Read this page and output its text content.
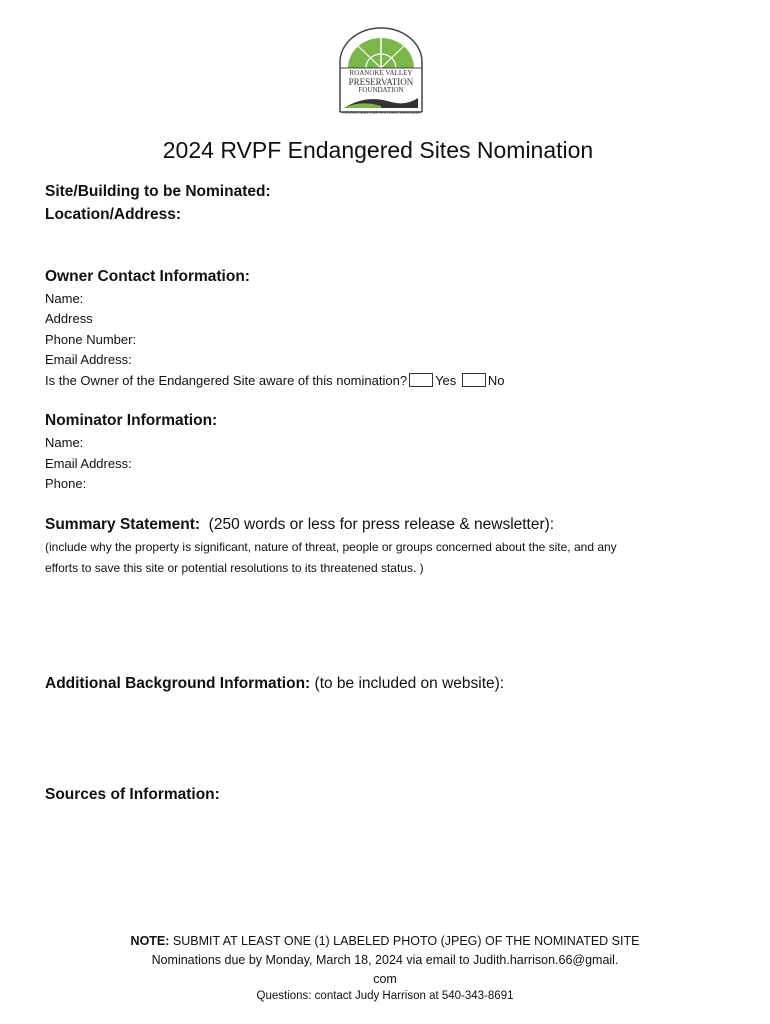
ROANOKE VALLEY
PRESERVATION
FOUNDATION
PROTECTING OUR HISTORIC HERITAGE
2024 RVPF Endangered Sites Nomination
Site/Building to be Nominated:
Location/Address:
Owner Contact Information:
Name:
Address
Phone Number:
Email Address:
Is the Owner of the Endangered Site aware of this nomination? Yes No
Nominator Information:
Name:
Email Address:
Phone:
Summary Statement: (250 words or less for press release & newsletter):
(include why the property is significant, nature of threat, people or groups concerned about the site, and any
efforts to save this site or potential resolutions to its threatened status. )
Additional Background Information: (to be included on website):
Sources of Information:
NOTE: SUBMIT AT LEAST ONE (1) LABELED PHOTO (JPEG) OF THE NOMINATED SITE
Nominations due by Monday, March 18, 2024 via email to Judith.harrison.66@gmail.
com
Questions: contact Judy Harrison at 540-343-8691
